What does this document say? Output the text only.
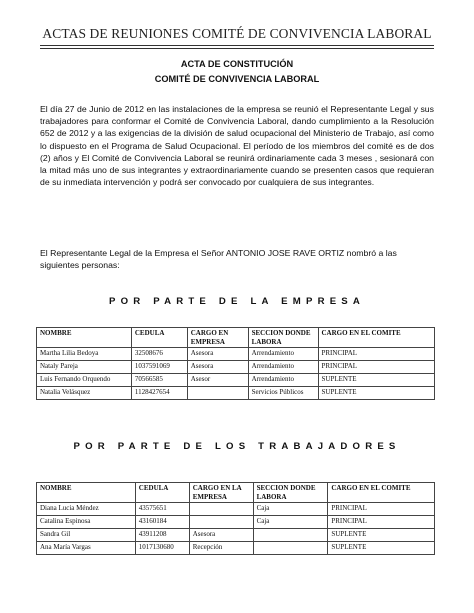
ACTAS DE REUNIONES COMITÉ DE CONVIVENCIA LABORAL
ACTA DE CONSTITUCIÓN
COMITÉ DE CONVIVENCIA LABORAL
El día 27 de Junio de 2012 en las instalaciones de la empresa se reunió el Representante Legal y sus trabajadores para conformar el Comité de Convivencia Laboral, dando cumplimiento a la Resolución 652 de 2012 y a las exigencias de la división de salud ocupacional del Ministerio de Trabajo, así como lo dispuesto en el Programa de Salud Ocupacional. El período de los miembros del comité es de dos (2) años y El Comité de Convivencia Laboral se reunirá ordinariamente cada 3 meses , sesionará con la mitad más uno de sus integrantes y extraordinariamente cuando se presenten casos que requieran de su inmediata intervención y podrá ser convocado por cualquiera de sus integrantes.
El Representante Legal de la Empresa el Señor ANTONIO JOSE RAVE ORTIZ nombró a las siguientes personas:
POR PARTE DE LA EMPRESA
NOMBRE	CEDULA	CARGO EN EMPRESA	SECCION DONDE LABORA	CARGO EN EL COMITE
Martha Lilia Bedoya	32508676	Asesora	Arrendamiento	PRINCIPAL
Nataly Pareja	1037591069	Asesora	Arrendamiento	PRINCIPAL
Luis Fernando Orquendo	70566585	Asesor	Arrendamiento	SUPLENTE
Natalia Velásquez	1128427654		Servicios Públicos	SUPLENTE
POR PARTE DE LOS TRABAJADORES
NOMBRE	CEDULA	CARGO EN LA EMPRESA	SECCION DONDE LABORA	CARGO EN EL COMITE
Diana Lucia Méndez	43575651		Caja	PRINCIPAL
Catalina Espinosa	43160184		Caja	PRINCIPAL
Sandra Gil	43911208	Asesora		SUPLENTE
Ana María Vargas	1017130680	Recepción		SUPLENTE
